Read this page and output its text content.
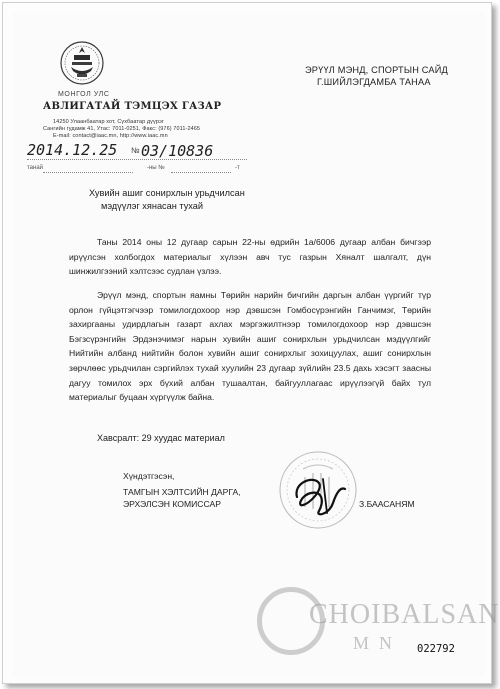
МОНГОЛ УЛС
АВЛИГАТАЙ ТЭМЦЭХ ГАЗАР
14250 Улаанбаатар хот, Сүхбаатар дүүрэг
Сангийн гудамж 41, Утас: 7011-0251, Факс: (976) 7011-2465
E-mail: contact@iaac.mn, http://www.iaac.mn
2014.12.25 № 03/10836
танай	-ны №	-т
ЭРҮҮЛ МЭНД, СПОРТЫН САЙД
Г.ШИЙЛЭГДАМБА ТАНАА
Хувийн ашиг сонирхлын урьдчилсан
мэдүүлэг хянасан тухай
Таны 2014 оны 12 дугаар сарын 22-ны өдрийн 1а/6006 дугаар албан бичгээр ирүүлсэн холбогдох материалыг хүлээн авч тус газрын Хяналт шалгалт, дүн шинжилгээний хэлтсээс судлан үзлээ.
Эрүүл мэнд, спортын яамны Төрийн нарийн бичгийн даргын албан үүргийг түр орлон гүйцэтгэгчээр томилогдохоор нэр дэвшсэн Гомбосүрэнгийн Ганчимэг, Төрийн захиргааны удирдлагын газарт ахлах мэргэжилтнээр томилогдохоор нэр дэвшсэн Бэгзсүрэнгийн Эрдэнэчимэг нарын хувийн ашиг сонирхлын урьдчилсан мэдүүлгийг Нийтийн албанд нийтийн болон хувийн ашиг сонирхлыг зохицуулах, ашиг сонирхлын зөрчлөөс урьдчилан сэргийлэх тухай хуулийн 23 дугаар зүйлийн 23.5 дахь хэсэгт заасны дагуу томилох эрх бүхий албан тушаалтан, байгууллагаас ирүүлээгүй байх тул материалыг буцаан хүргүүлж байна.
Хавсралт: 29 хуудас материал
Хүндэтгэсэн,
ТАМГЫН ХЭЛТСИЙН ДАРГА,
ЭРХЭЛСЭН КОМИССАР	З.БААСАНЯМ
CHOIBALSAN
MN 022792
